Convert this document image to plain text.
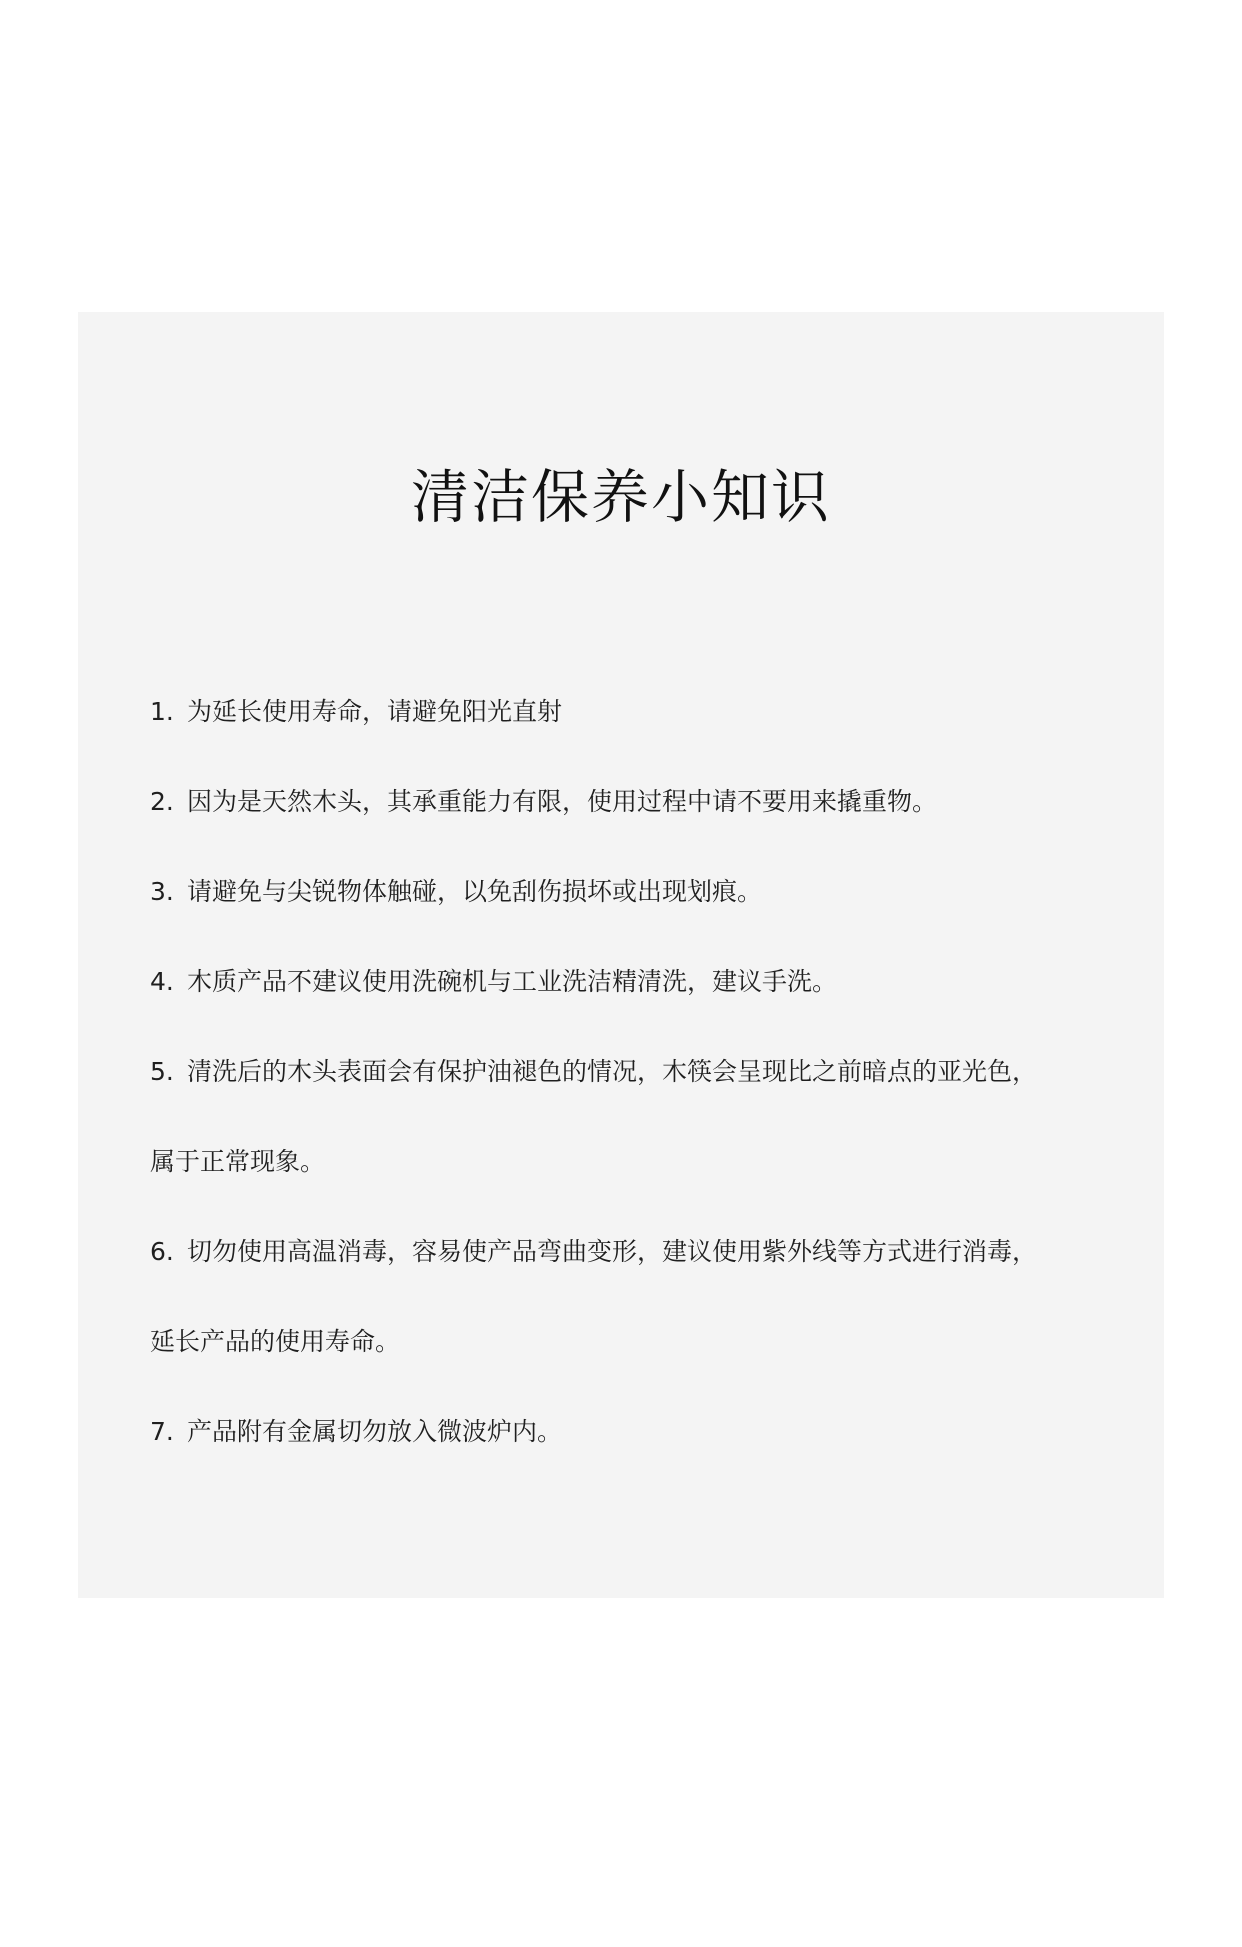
清洁保养小知识
1. 为延长使用寿命，请避免阳光直射
2. 因为是天然木头，其承重能力有限，使用过程中请不要用来撬重物。
3. 请避免与尖锐物体触碰，以免刮伤损坏或出现划痕。
4. 木质产品不建议使用洗碗机与工业洗洁精清洗，建议手洗。
5. 清洗后的木头表面会有保护油褪色的情况，木筷会呈现比之前暗点的亚光色，
属于正常现象。
6. 切勿使用高温消毒，容易使产品弯曲变形，建议使用紫外线等方式进行消毒，
延长产品的使用寿命。
7. 产品附有金属切勿放入微波炉内。
